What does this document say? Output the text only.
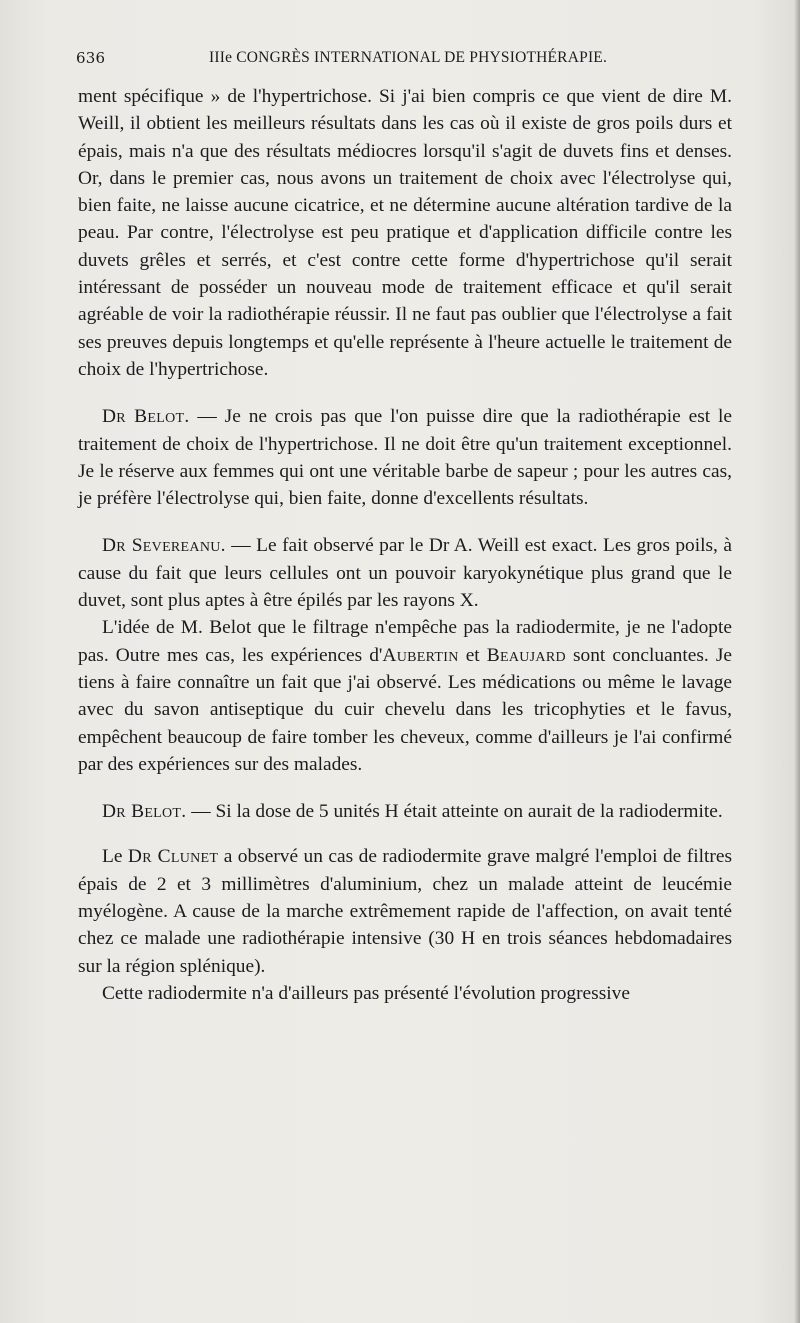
636	IIIe CONGRÈS INTERNATIONAL DE PHYSIOTHÉRAPIE.

ment spécifique » de l'hypertrichose. Si j'ai bien compris ce que vient de dire M. Weill, il obtient les meilleurs résultats dans les cas où il existe de gros poils durs et épais, mais n'a que des résultats médiocres lorsqu'il s'agit de duvets fins et denses. Or, dans le premier cas, nous avons un traitement de choix avec l'électrolyse qui, bien faite, ne laisse aucune cicatrice, et ne détermine aucune altération tardive de la peau. Par contre, l'électrolyse est peu pratique et d'application difficile contre les duvets grêles et serrés, et c'est contre cette forme d'hypertrichose qu'il serait intéressant de posséder un nouveau mode de traitement efficace et qu'il serait agréable de voir la radiothérapie réussir. Il ne faut pas oublier que l'électrolyse a fait ses preuves depuis longtemps et qu'elle représente à l'heure actuelle le traitement de choix de l'hypertrichose.

Dr Belot. — Je ne crois pas que l'on puisse dire que la radiothérapie est le traitement de choix de l'hypertrichose. Il ne doit être qu'un traitement exceptionnel. Je le réserve aux femmes qui ont une véritable barbe de sapeur ; pour les autres cas, je préfère l'électrolyse qui, bien faite, donne d'excellents résultats.

Dr Severeanu. — Le fait observé par le Dr A. Weill est exact. Les gros poils, à cause du fait que leurs cellules ont un pouvoir karyokynétique plus grand que le duvet, sont plus aptes à être épilés par les rayons X.

L'idée de M. Belot que le filtrage n'empêche pas la radiodermite, je ne l'adopte pas. Outre mes cas, les expériences d'Aubertin et Beaujard sont concluantes. Je tiens à faire connaître un fait que j'ai observé. Les médications ou même le lavage avec du savon antiseptique du cuir chevelu dans les tricophyties et le favus, empêchent beaucoup de faire tomber les cheveux, comme d'ailleurs je l'ai confirmé par des expériences sur des malades.

Dr Belot. — Si la dose de 5 unités H était atteinte on aurait de la radiodermite.

Le Dr Clunet a observé un cas de radiodermite grave malgré l'emploi de filtres épais de 2 et 3 millimètres d'aluminium, chez un malade atteint de leucémie myélogène. A cause de la marche extrêmement rapide de l'affection, on avait tenté chez ce malade une radiothérapie intensive (30 H en trois séances hebdomadaires sur la région splénique).

Cette radiodermite n'a d'ailleurs pas présenté l'évolution progressive
